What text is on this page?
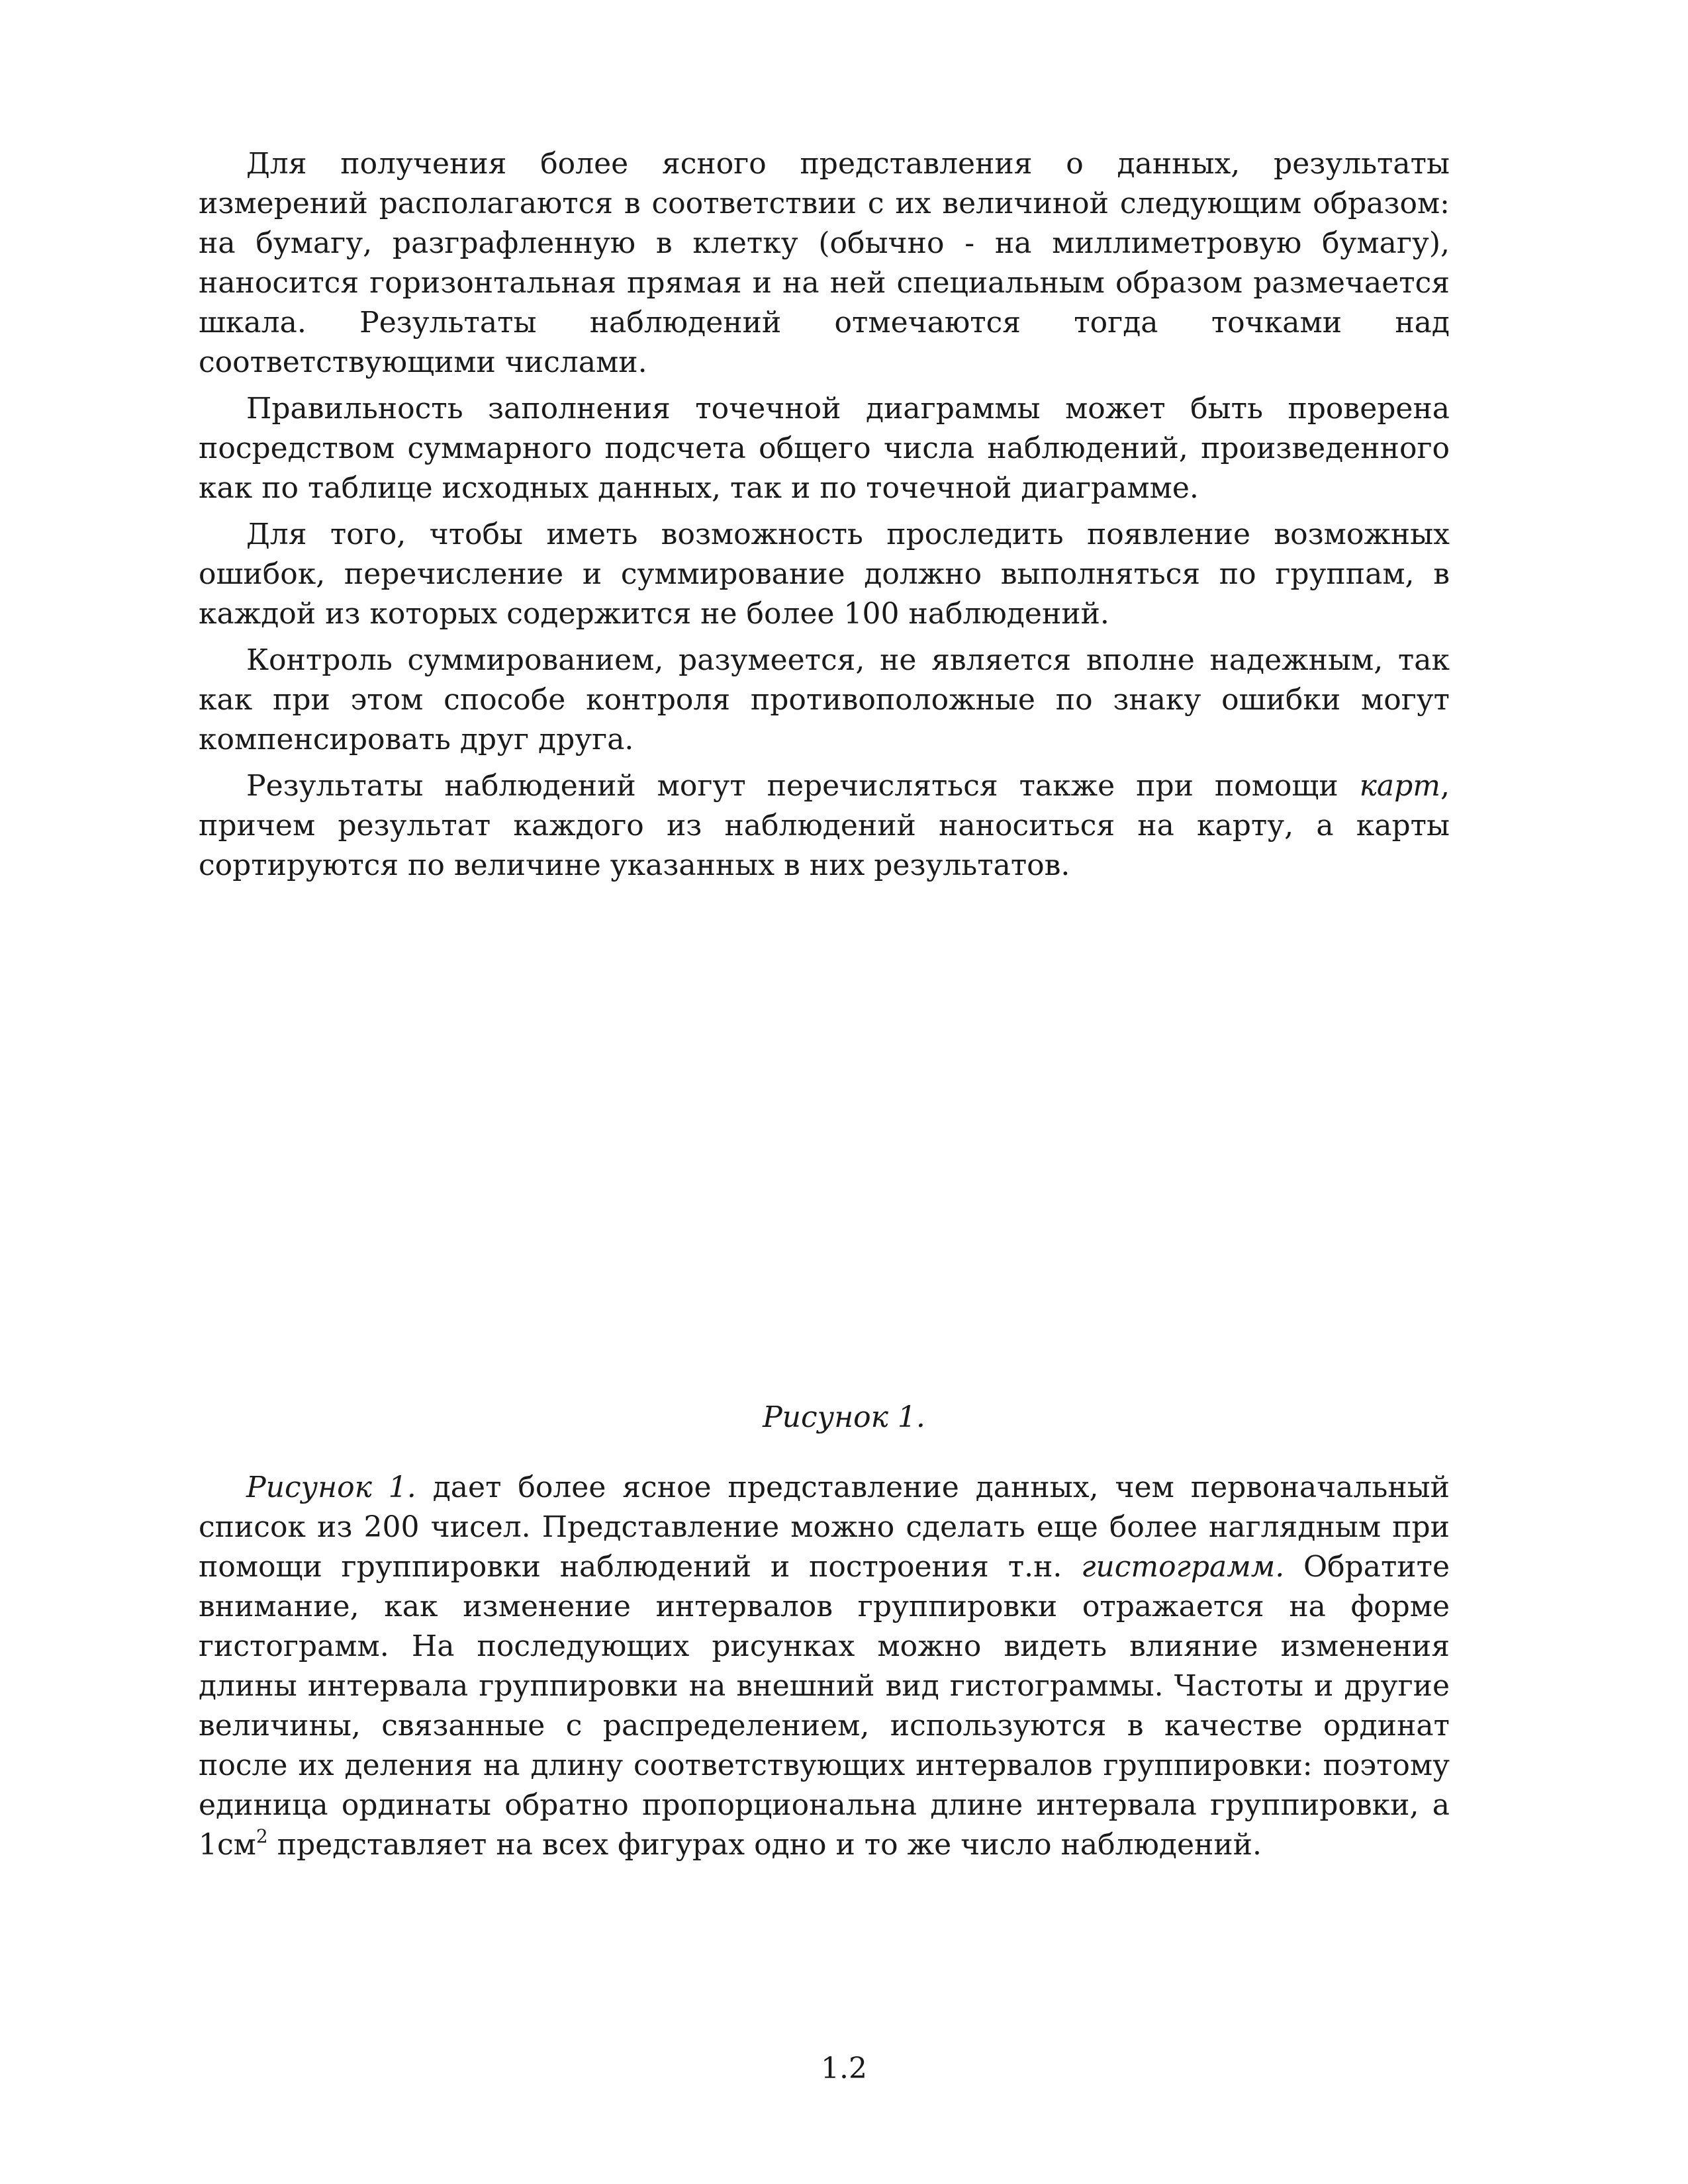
Для получения более ясного представления о данных, результаты измерений располагаются в соответствии с их величиной следующим образом: на бумагу, разграфленную в клетку (обычно - на миллиметровую бумагу), наносится горизонтальная прямая и на ней специальным образом размечается шкала. Результаты наблюдений отмечаются тогда точками над соответствующими числами.

Правильность заполнения точечной диаграммы может быть проверена посредством суммарного подсчета общего числа наблюдений, произведенного как по таблице исходных данных, так и по точечной диаграмме.

Для того, чтобы иметь возможность проследить появление возможных ошибок, перечисление и суммирование должно выполняться по группам, в каждой из которых содержится не более 100 наблюдений.

Контроль суммированием, разумеется, не является вполне надежным, так как при этом способе контроля противоположные по знаку ошибки могут компенсировать друг друга.

Результаты наблюдений могут перечисляться также при помощи карт, причем результат каждого из наблюдений наноситься на карту, а карты сортируются по величине указанных в них результатов.

Рисунок 1.

Рисунок 1. дает более ясное представление данных, чем первоначальный список из 200 чисел. Представление можно сделать еще более наглядным при помощи группировки наблюдений и построения т.н. гистограмм. Обратите внимание, как изменение интервалов группировки отражается на форме гистограмм. На последующих рисунках можно видеть влияние изменения длины интервала группировки на внешний вид гистограммы. Частоты и другие величины, связанные с распределением, используются в качестве ординат после их деления на длину соответствующих интервалов группировки: поэтому единица ординаты обратно пропорциональна длине интервала группировки, а $1см^2$ представляет на всех фигурах одно и то же число наблюдений.

1.2
